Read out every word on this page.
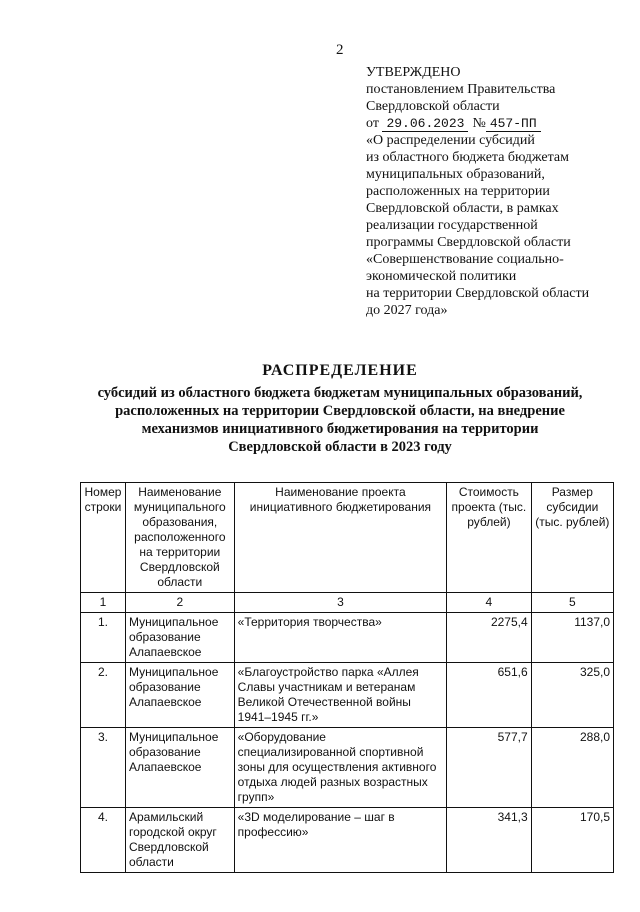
2
УТВЕРЖДЕНО
постановлением Правительства
Свердловской области
от 29.06.2023 № 457-ПП
«О распределении субсидий
из областного бюджета бюджетам
муниципальных образований,
расположенных на территории
Свердловской области, в рамках
реализации государственной
программы Свердловской области
«Совершенствование социально-
экономической политики
на территории Свердловской области
до 2027 года»
РАСПРЕДЕЛЕНИЕ
субсидий из областного бюджета бюджетам муниципальных образований,
расположенных на территории Свердловской области, на внедрение
механизмов инициативного бюджетирования на территории
Свердловской области в 2023 году
Номер строки	Наименование муниципального образования, расположенного на территории Свердловской области	Наименование проекта инициативного бюджетирования	Стоимость проекта (тыс. рублей)	Размер субсидии (тыс. рублей)
1	2	3	4	5
1.	Муниципальное образование Алапаевское	«Территория творчества»	2275,4	1137,0
2.	Муниципальное образование Алапаевское	«Благоустройство парка «Аллея Славы участникам и ветеранам Великой Отечественной войны 1941–1945 гг.»	651,6	325,0
3.	Муниципальное образование Алапаевское	«Оборудование специализированной спортивной зоны для осуществления активного отдыха людей разных возрастных групп»	577,7	288,0
4.	Арамильский городской округ Свердловской области	«3D моделирование – шаг в профессию»	341,3	170,5
